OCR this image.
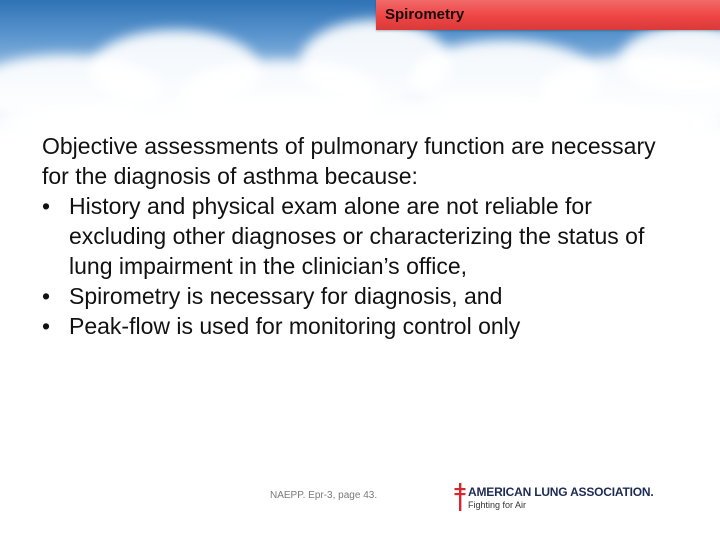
Spirometry

Objective assessments of pulmonary function are necessary for the diagnosis of asthma because:

• History and physical exam alone are not reliable for excluding other diagnoses or characterizing the status of lung impairment in the clinician’s office,
• Spirometry is necessary for diagnosis, and
• Peak-flow is used for monitoring control only
NAEPP. Epr-3, page 43.	AMERICAN LUNG ASSOCIATION.
Fighting for Air
